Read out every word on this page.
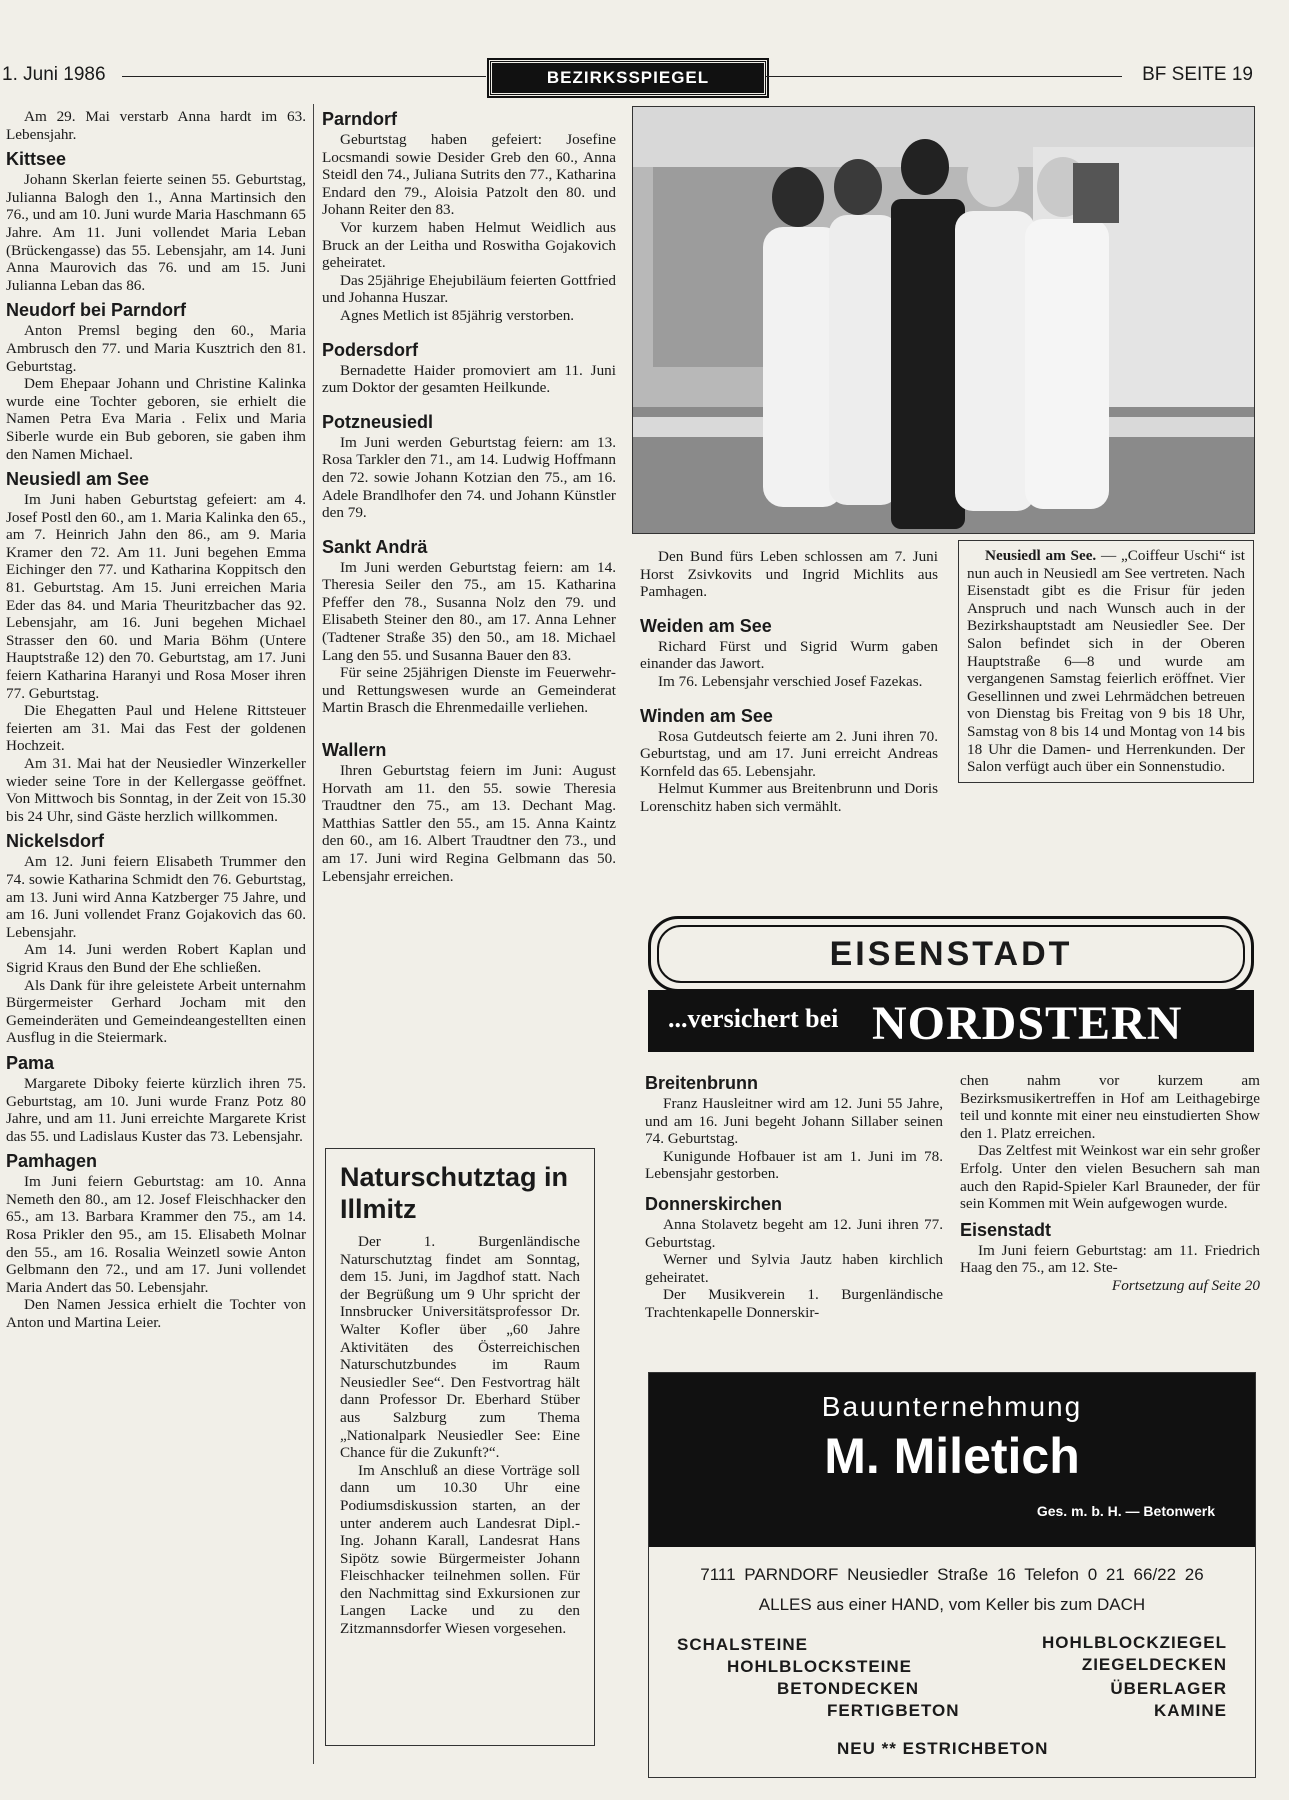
1. Juni 1986	BEZIRKSSPIEGEL	BF SEITE 19

Am 29. Mai verstarb Anna hardt im 63. Lebensjahr.

Kittsee

Johann Skerlan feierte seinen 55. Geburtstag, Julianna Balogh den 1., Anna Martinsich den 76., und am 10. Juni wurde Maria Haschmann 65 Jahre. Am 11. Juni vollendet Maria Leban (Brückengasse) das 55. Lebensjahr, am 14. Juni Anna Maurovich das 76. und am 15. Juni Julianna Leban das 86.

Neudorf bei Parndorf

Anton Premsl beging den 60., Maria Ambrusch den 77. und Maria Kusztrich den 81. Geburtstag.

Dem Ehepaar Johann und Christine Kalinka wurde eine Tochter geboren, sie erhielt die Namen Petra Eva Maria . Felix und Maria Siberle wurde ein Bub geboren, sie gaben ihm den Namen Michael.

Neusiedl am See

Im Juni haben Geburtstag gefeiert: am 4. Josef Postl den 60., am 1. Maria Kalinka den 65., am 7. Heinrich Jahn den 86., am 9. Maria Kramer den 72. Am 11. Juni begehen Emma Eichinger den 77. und Katharina Koppitsch den 81. Geburtstag. Am 15. Juni erreichen Maria Eder das 84. und Maria Theuritzbacher das 92. Lebensjahr, am 16. Juni begehen Michael Strasser den 60. und Maria Böhm (Untere Hauptstraße 12) den 70. Geburtstag, am 17. Juni feiern Katharina Haranyi und Rosa Moser ihren 77. Geburtstag.

Die Ehegatten Paul und Helene Rittsteuer feierten am 31. Mai das Fest der goldenen Hochzeit.

Am 31. Mai hat der Neusiedler Winzerkeller wieder seine Tore in der Kellergasse geöffnet. Von Mittwoch bis Sonntag, in der Zeit von 15.30 bis 24 Uhr, sind Gäste herzlich willkommen.

Nickelsdorf

Am 12. Juni feiern Elisabeth Trummer den 74. sowie Katharina Schmidt den 76. Geburtstag, am 13. Juni wird Anna Katzberger 75 Jahre, und am 16. Juni vollendet Franz Gojakovich das 60. Lebensjahr.

Am 14. Juni werden Robert Kaplan und Sigrid Kraus den Bund der Ehe schließen.

Als Dank für ihre geleistete Arbeit unternahm Bürgermeister Gerhard Jocham mit den Gemeinderäten und Gemeindeangestellten einen Ausflug in die Steiermark.

Pama

Margarete Diboky feierte kürzlich ihren 75. Geburtstag, am 10. Juni wurde Franz Potz 80 Jahre, und am 11. Juni erreichte Margarete Krist das 55. und Ladislaus Kuster das 73. Lebensjahr.

Pamhagen

Im Juni feiern Geburtstag: am 10. Anna Nemeth den 80., am 12. Josef Fleischhacker den 65., am 13. Barbara Krammer den 75., am 14. Rosa Prikler den 95., am 15. Elisabeth Molnar den 55., am 16. Rosalia Weinzetl sowie Anton Gelbmann den 72., und am 17. Juni vollendet Maria Andert das 50. Lebensjahr.

Den Namen Jessica erhielt die Tochter von Anton und Martina Leier.

Parndorf

Geburtstag haben gefeiert: Josefine Locsmandi sowie Desider Greb den 60., Anna Steidl den 74., Juliana Sutrits den 77., Katharina Endard den 79., Aloisia Patzolt den 80. und Johann Reiter den 83.

Vor kurzem haben Helmut Weidlich aus Bruck an der Leitha und Roswitha Gojakovich geheiratet.

Das 25jährige Ehejubiläum feierten Gottfried und Johanna Huszar.

Agnes Metlich ist 85jährig verstorben.

Podersdorf

Bernadette Haider promoviert am 11. Juni zum Doktor der gesamten Heilkunde.

Potzneusiedl

Im Juni werden Geburtstag feiern: am 13. Rosa Tarkler den 71., am 14. Ludwig Hoffmann den 72. sowie Johann Kotzian den 75., am 16. Adele Brandlhofer den 74. und Johann Künstler den 79.

Sankt Andrä

Im Juni werden Geburtstag feiern: am 14. Theresia Seiler den 75., am 15. Katharina Pfeffer den 78., Susanna Nolz den 79. und Elisabeth Steiner den 80., am 17. Anna Lehner (Tadtener Straße 35) den 50., am 18. Michael Lang den 55. und Susanna Bauer den 83.

Für seine 25jährigen Dienste im Feuerwehr- und Rettungswesen wurde an Gemeinderat Martin Brasch die Ehrenmedaille verliehen.

Wallern

Ihren Geburtstag feiern im Juni: August Horvath am 11. den 55. sowie Theresia Traudtner den 75., am 13. Dechant Mag. Matthias Sattler den 55., am 15. Anna Kaintz den 60., am 16. Albert Traudtner den 73., und am 17. Juni wird Regina Gelbmann das 50. Lebensjahr erreichen.

Naturschutztag in Illmitz

Der 1. Burgenländische Naturschutztag findet am Sonntag, dem 15. Juni, im Jagdhof statt. Nach der Begrüßung um 9 Uhr spricht der Innsbrucker Universitätsprofessor Dr. Walter Kofler über „60 Jahre Aktivitäten des Österreichischen Naturschutzbundes im Raum Neusiedler See“. Den Festvortrag hält dann Professor Dr. Eberhard Stüber aus Salzburg zum Thema „Nationalpark Neusiedler See: Eine Chance für die Zukunft?“.

Im Anschluß an diese Vorträge soll dann um 10.30 Uhr eine Podiumsdiskussion starten, an der unter anderem auch Landesrat Dipl.-Ing. Johann Karall, Landesrat Hans Sipötz sowie Bürgermeister Johann Fleischhacker teilnehmen sollen. Für den Nachmittag sind Exkursionen zur Langen Lacke und zu den Zitzmannsdorfer Wiesen vorgesehen.

Den Bund fürs Leben schlossen am 7. Juni Horst Zsivkovits und Ingrid Michlits aus Pamhagen.

Weiden am See

Richard Fürst und Sigrid Wurm gaben einander das Jawort.

Im 76. Lebensjahr verschied Josef Fazekas.

Winden am See

Rosa Gutdeutsch feierte am 2. Juni ihren 70. Geburtstag, und am 17. Juni erreicht Andreas Kornfeld das 65. Lebensjahr.

Helmut Kummer aus Breitenbrunn und Doris Lorenschitz haben sich vermählt.

Neusiedl am See. — „Coiffeur Uschi“ ist nun auch in Neusiedl am See vertreten. Nach Eisenstadt gibt es die Frisur für jeden Anspruch und nach Wunsch auch in der Bezirkshauptstadt am Neusiedler See. Der Salon befindet sich in der Oberen Hauptstraße 6—8 und wurde am vergangenen Samstag feierlich eröffnet. Vier Gesellinnen und zwei Lehrmädchen betreuen von Dienstag bis Freitag von 9 bis 18 Uhr, Samstag von 8 bis 14 und Montag von 14 bis 18 Uhr die Damen- und Herrenkunden. Der Salon verfügt auch über ein Sonnenstudio.

EISENSTADT
...versichert bei NORDSTERN
Breitenbrunn

Franz Hausleitner wird am 12. Juni 55 Jahre, und am 16. Juni begeht Johann Sillaber seinen 74. Geburtstag.

Kunigunde Hofbauer ist am 1. Juni im 78. Lebensjahr gestorben.

Donnerskirchen

Anna Stolavetz begeht am 12. Juni ihren 77. Geburtstag.

Werner und Sylvia Jautz haben kirchlich geheiratet.

Der Musikverein 1. Burgenländische Trachtenkapelle Donnerskir-

chen nahm vor kurzem am Bezirksmusikertreffen in Hof am Leithagebirge teil und konnte mit einer neu einstudierten Show den 1. Platz erreichen.

Das Zeltfest mit Weinkost war ein sehr großer Erfolg. Unter den vielen Besuchern sah man auch den Rapid-Spieler Karl Brauneder, der für sein Kommen mit Wein aufgewogen wurde.

Eisenstadt

Im Juni feiern Geburtstag: am 11. Friedrich Haag den 75., am 12. Ste-

Fortsetzung auf Seite 20
Bauunternehmung
M. Miletich
Ges. m. b. H. — Betonwerk
7111 PARNDORF Neusiedler Straße 16 Telefon 0 21 66/22 26
ALLES aus einer HAND, vom Keller bis zum DACH
SCHALSTEINE	HOHLBLOCKZIEGEL
HOHLBLOCKSTEINE	ZIEGELDECKEN
BETONDECKEN	ÜBERLAGER
FERTIGBETON	KAMINE
NEU ** ESTRICHBETON
